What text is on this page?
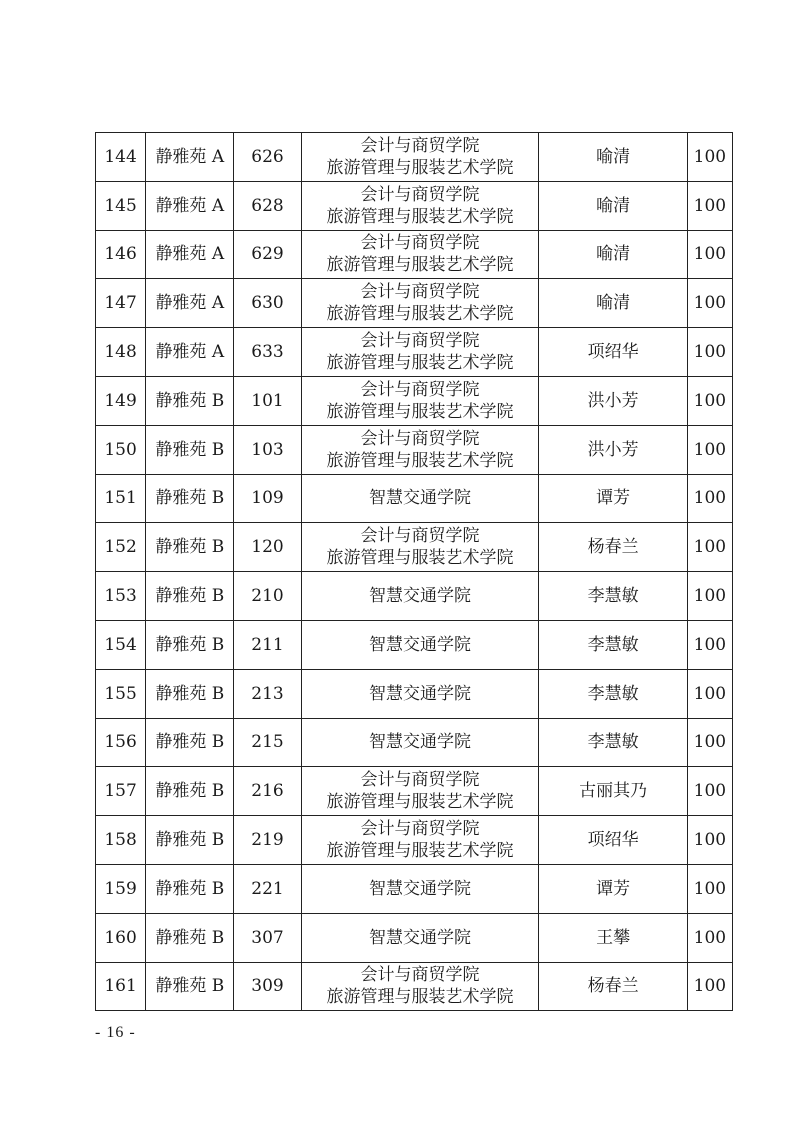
144	静雅苑 A	626	会计与商贸学院
旅游管理与服装艺术学院	喻清	100
145	静雅苑 A	628	会计与商贸学院
旅游管理与服装艺术学院	喻清	100
146	静雅苑 A	629	会计与商贸学院
旅游管理与服装艺术学院	喻清	100
147	静雅苑 A	630	会计与商贸学院
旅游管理与服装艺术学院	喻清	100
148	静雅苑 A	633	会计与商贸学院
旅游管理与服装艺术学院	项绍华	100
149	静雅苑 B	101	会计与商贸学院
旅游管理与服装艺术学院	洪小芳	100
150	静雅苑 B	103	会计与商贸学院
旅游管理与服装艺术学院	洪小芳	100
151	静雅苑 B	109	智慧交通学院	谭芳	100
152	静雅苑 B	120	会计与商贸学院
旅游管理与服装艺术学院	杨春兰	100
153	静雅苑 B	210	智慧交通学院	李慧敏	100
154	静雅苑 B	211	智慧交通学院	李慧敏	100
155	静雅苑 B	213	智慧交通学院	李慧敏	100
156	静雅苑 B	215	智慧交通学院	李慧敏	100
157	静雅苑 B	216	会计与商贸学院
旅游管理与服装艺术学院	古丽其乃	100
158	静雅苑 B	219	会计与商贸学院
旅游管理与服装艺术学院	项绍华	100
159	静雅苑 B	221	智慧交通学院	谭芳	100
160	静雅苑 B	307	智慧交通学院	王攀	100
161	静雅苑 B	309	会计与商贸学院
旅游管理与服装艺术学院	杨春兰	100
- 16 -
